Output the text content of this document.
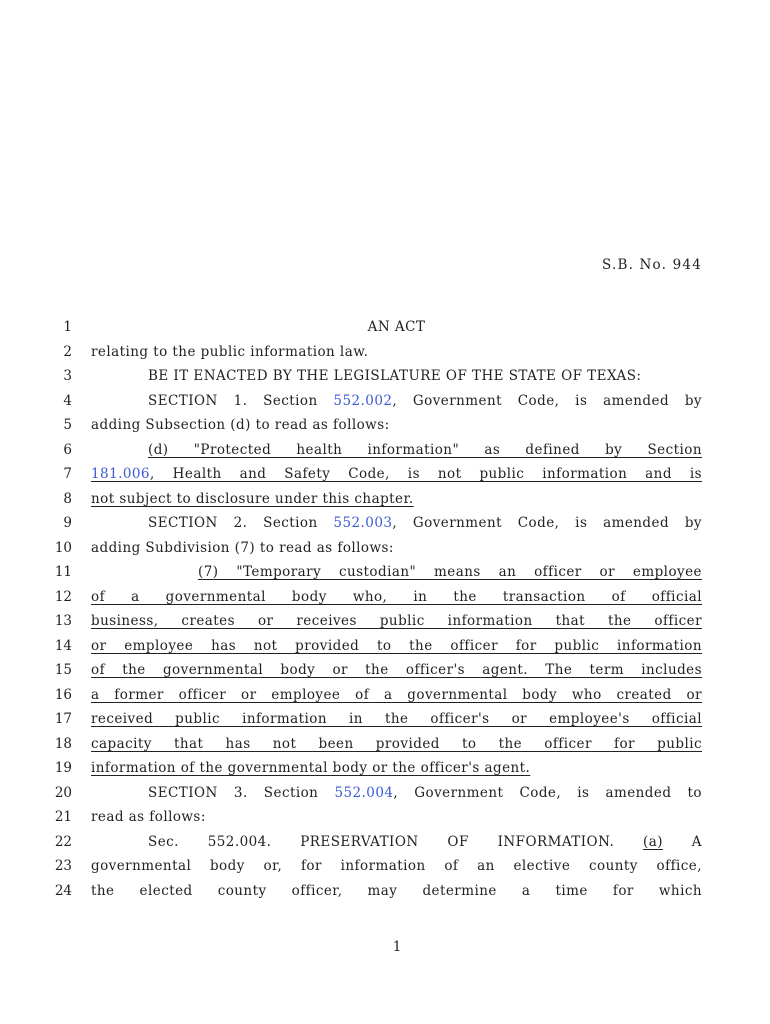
S.B. No. 944
1	AN ACT
2 relating to the public information law.
3	BE IT ENACTED BY THE LEGISLATURE OF THE STATE OF TEXAS:
4	SECTION 1. Section 552.002, Government Code, is amended by
5 adding Subsection (d) to read as follows:
6	(d) "Protected health information" as defined by Section
7 181.006, Health and Safety Code, is not public information and is
8 not subject to disclosure under this chapter.
9	SECTION 2. Section 552.003, Government Code, is amended by
10 adding Subdivision (7) to read as follows:
11	(7) "Temporary custodian" means an officer or employee
12 of a governmental body who, in the transaction of official
13 business, creates or receives public information that the officer
14 or employee has not provided to the officer for public information
15 of the governmental body or the officer's agent. The term includes
16 a former officer or employee of a governmental body who created or
17 received public information in the officer's or employee's official
18 capacity that has not been provided to the officer for public
19 information of the governmental body or the officer's agent.
20	SECTION 3. Section 552.004, Government Code, is amended to
21 read as follows:
22	Sec. 552.004. PRESERVATION OF INFORMATION. (a) A
23 governmental body or, for information of an elective county office,
24 the elected county officer, may determine a time for which
1
